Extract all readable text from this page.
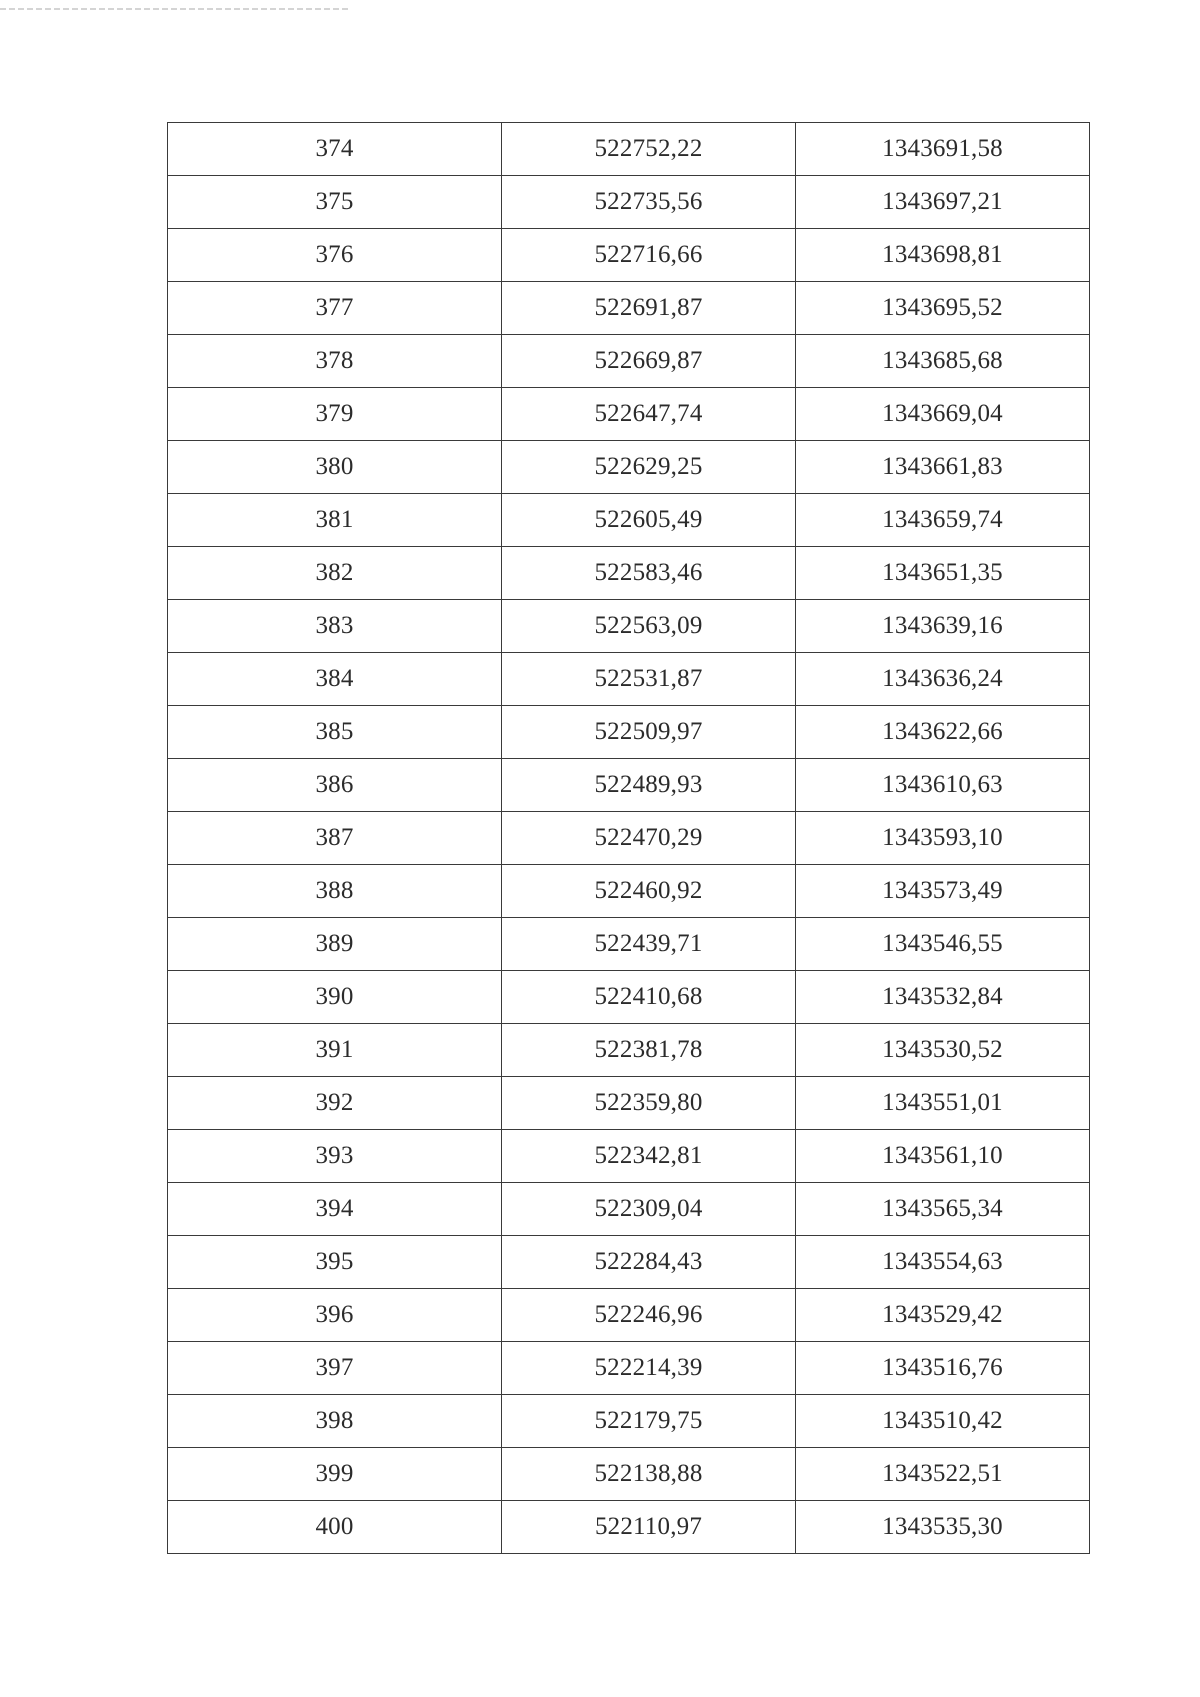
374	522752,22	1343691,58
375	522735,56	1343697,21
376	522716,66	1343698,81
377	522691,87	1343695,52
378	522669,87	1343685,68
379	522647,74	1343669,04
380	522629,25	1343661,83
381	522605,49	1343659,74
382	522583,46	1343651,35
383	522563,09	1343639,16
384	522531,87	1343636,24
385	522509,97	1343622,66
386	522489,93	1343610,63
387	522470,29	1343593,10
388	522460,92	1343573,49
389	522439,71	1343546,55
390	522410,68	1343532,84
391	522381,78	1343530,52
392	522359,80	1343551,01
393	522342,81	1343561,10
394	522309,04	1343565,34
395	522284,43	1343554,63
396	522246,96	1343529,42
397	522214,39	1343516,76
398	522179,75	1343510,42
399	522138,88	1343522,51
400	522110,97	1343535,30
